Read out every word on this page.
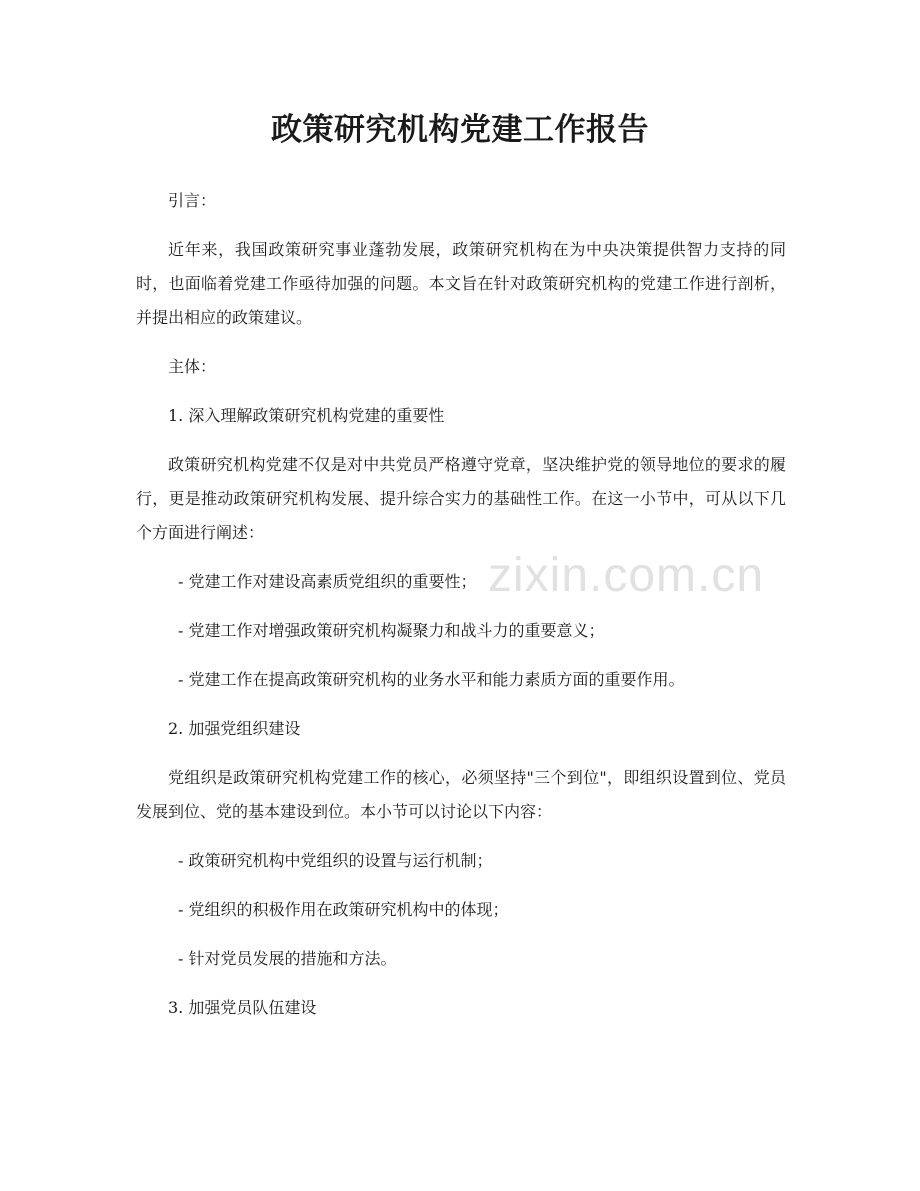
政策研究机构党建工作报告
zixin.com.cn

引言：

近年来，我国政策研究事业蓬勃发展，政策研究机构在为中央决策提供智力支持的同时，也面临着党建工作亟待加强的问题。本文旨在针对政策研究机构的党建工作进行剖析，并提出相应的政策建议。

主体：

1. 深入理解政策研究机构党建的重要性

政策研究机构党建不仅是对中共党员严格遵守党章，坚决维护党的领导地位的要求的履行，更是推动政策研究机构发展、提升综合实力的基础性工作。在这一小节中，可从以下几个方面进行阐述：

- 党建工作对建设高素质党组织的重要性；

- 党建工作对增强政策研究机构凝聚力和战斗力的重要意义；

- 党建工作在提高政策研究机构的业务水平和能力素质方面的重要作用。

2. 加强党组织建设

党组织是政策研究机构党建工作的核心，必须坚持"三个到位"，即组织设置到位、党员发展到位、党的基本建设到位。本小节可以讨论以下内容：

- 政策研究机构中党组织的设置与运行机制；

- 党组织的积极作用在政策研究机构中的体现；

- 针对党员发展的措施和方法。

3. 加强党员队伍建设
